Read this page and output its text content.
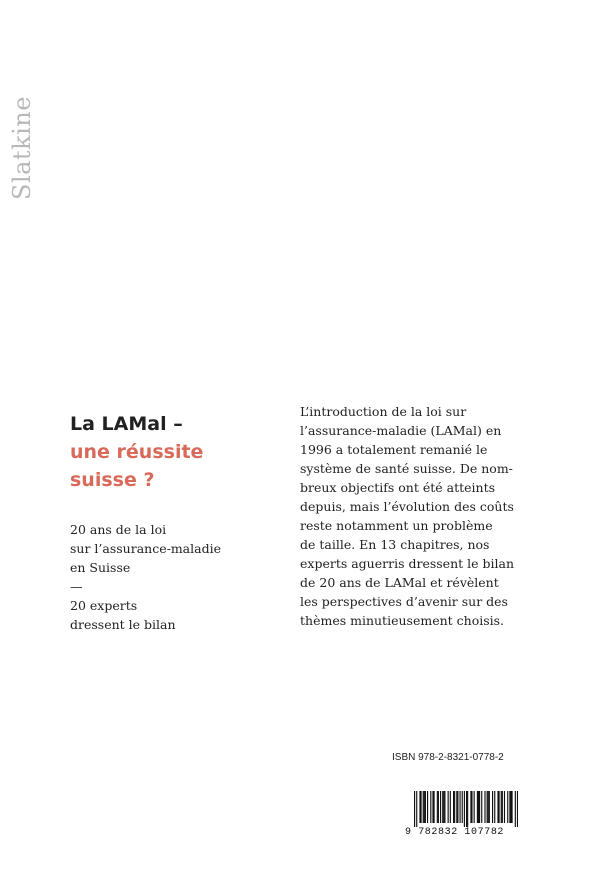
Slatkine
La LAMal –
une réussite
suisse ?
20 ans de la loi
sur l’assurance-maladie
en Suisse
—
20 experts
dressent le bilan
L’introduction de la loi sur
l’assurance-maladie (LAMal) en
1996 a totalement remanié le
système de santé suisse. De nom-
breux objectifs ont été atteints
depuis, mais l’évolution des coûts
reste notamment un problème
de taille. En 13 chapitres, nos
experts aguerris dressent le bilan
de 20 ans de LAMal et révèlent
les perspectives d’avenir sur des
thèmes minutieusement choisis.
ISBN 978-2-8321-0778-2
9 782832 107782
